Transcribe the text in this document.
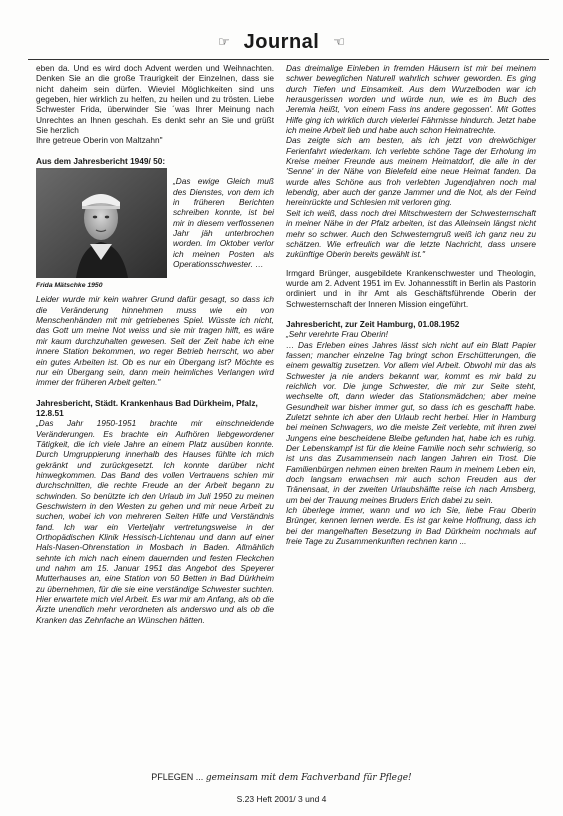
☞ Journal ☜

eben da. Und es wird doch Advent werden und Weihnachten. Denken Sie an die große Traurigkeit der Einzelnen, dass sie nicht daheim sein dürfen. Wieviel Möglichkeiten sind uns gegeben, hier wirklich zu helfen, zu heilen und zu trösten. Liebe Schwester Frida, überwinder Sie ´was Ihrer Meinung nach Unrechtes an Ihnen geschah. Es denkt sehr an Sie und grüßt Sie herzlich

Ihre getreue Oberin von Maltzahn"

Aus dem Jahresbericht 1949/ 50:

Frida Mätschke 1950

„Das ewige Gleich muß des Dienstes, von dem ich in früheren Berichten schreiben konnte, ist bei mir in diesem verflossenen Jahr jäh unterbrochen worden. Im Oktober verlor ich meinen Posten als Operationsschwester. …

Leider wurde mir kein wahrer Grund dafür gesagt, so dass ich die Veränderung hinnehmen muss wie ein von Menschenhänden mit mir getriebenes Spiel. Wüsste ich nicht, das Gott um meine Not weiss und sie mir tragen hilft, es wäre mir kaum durchzuhalten gewesen. Seit der Zeit habe ich eine innere Station bekommen, wo reger Betrieb herrscht, wo aber ein gutes Arbeiten ist. Ob es nur ein Übergang ist? Möchte es nur ein Übergang sein, dann mein heimliches Verlangen wird immer der früheren Arbeit gelten."

Jahresbericht, Städt. Krankenhaus Bad Dürkheim, Pfalz, 12.8.51

„Das Jahr 1950-1951 brachte mir einschneidende Veränderungen. Es brachte ein Aufhören liebgewordener Tätigkeit, die ich viele Jahre an einem Platz ausüben konnte. Durch Umgruppierung innerhalb des Hauses fühlte ich mich gekränkt und zurückgesetzt. Ich konnte darüber nicht hinwegkommen. Das Band des vollen Vertrauens schien mir durchschnitten, die rechte Freude an der Arbeit begann zu schwinden. So benützte ich den Urlaub im Juli 1950 zu meinen Geschwistern in den Westen zu gehen und mir neue Arbeit zu suchen, wobei ich von mehreren Seiten Hilfe und Verständnis fand. Ich war ein Vierteljahr vertretungsweise in der Orthopädischen Klinik Hessisch-Lichtenau und dann auf einer Hals-Nasen-Ohrenstation in Mosbach in Baden. Allmählich sehnte ich mich nach einem dauernden und festen Fleckchen und nahm am 15. Januar 1951 das Angebot des Speyerer Mutterhauses an, eine Station von 50 Betten in Bad Dürkheim zu übernehmen, für die sie eine verständige Schwester suchten. Hier erwartete mich viel Arbeit. Es war mir am Anfang, als ob die Ärzte unendlich mehr verordneten als anderswo und als ob die Kranken das Zehnfache an Wünschen hätten.

Das dreimalige Einleben in fremden Häusern ist mir bei meinem schwer beweglichen Naturell wahrlich schwer geworden. Es ging durch Tiefen und Einsamkeit. Aus dem Wurzelboden war ich herausgerissen worden und würde nun, wie es im Buch des Jeremia heißt, 'von einem Fass ins andere gegossen'. Mit Gottes Hilfe ging ich wirklich durch vielerlei Fährnisse hindurch. Jetzt habe ich meine Arbeit lieb und habe auch schon Heimatrechte.

Das zeigte sich am besten, als ich jetzt von dreiwöchiger Ferienfahrt wiederkam. Ich verlebte schöne Tage der Erholung im Kreise meiner Freunde aus meinem Heimatdorf, die alle in der 'Senne' in der Nähe von Bielefeld eine neue Heimat fanden. Da wurde alles Schöne aus froh verlebten Jugendjahren noch mal lebendig, aber auch der ganze Jammer und die Not, als der Feind hereinrückte und Schlesien mit verloren ging.

Seit ich weiß, dass noch drei Mitschwestern der Schwesternschaft in meiner Nähe in der Pfalz arbeiten, ist das Alleinsein längst nicht mehr so schwer. Auch den Schwesterngruß weiß ich ganz neu zu schätzen. Wie erfreulich war die letzte Nachricht, dass unsere zukünftige Oberin bereits gewählt ist."

Irmgard Brünger, ausgebildete Krankenschwester und Theologin, wurde am 2. Advent 1951 im Ev. Johannesstift in Berlin als Pastorin ordiniert und in ihr Amt als Geschäftsführende Oberin der Schwesternschaft der Inneren Mission eingeführt.

Jahresbericht, zur Zeit Hamburg, 01.08.1952

„Sehr verehrte Frau Oberin!

… Das Erleben eines Jahres lässt sich nicht auf ein Blatt Papier fassen; mancher einzelne Tag bringt schon Erschütterungen, die einem gewaltig zusetzen. Vor allem viel Arbeit. Obwohl mir das als Schwester ja nie anders bekannt war, kommt es mir bald zu reichlich vor. Die junge Schwester, die mir zur Seite steht, wechselte oft, dann wieder das Stationsmädchen; aber meine Gesundheit war bisher immer gut, so dass ich es geschafft habe. Zuletzt sehnte ich aber den Urlaub recht herbei. Hier in Hamburg bei meinen Schwagers, wo die meiste Zeit verlebte, mit ihren zwei Jungens eine bescheidene Bleibe gefunden hat, habe ich es ruhig. Der Lebenskampf ist für die kleine Familie noch sehr schwierig, so ist uns das Zusammensein nach langen Jahren ein Trost. Die Familienbürgen nehmen einen breiten Raum in meinem Leben ein, doch langsam erwachsen mir auch schon Freuden aus der Tränensaat, in der zweiten Urlaubshälfte reise ich nach Amsberg, um bei der Trauung meines Bruders Erich dabei zu sein.

Ich überlege immer, wann und wo ich Sie, liebe Frau Oberin Brünger, kennen lernen werde. Es ist gar keine Hoffnung, dass ich bei der mangelhaften Besetzung in Bad Dürkheim nochmals auf freie Tage zu Zusammenkunften rechnen kann ...

PFLEGEN ... gemeinsam mit dem Fachverband für Pflege!
S.23 Heft 2001/ 3 und 4
